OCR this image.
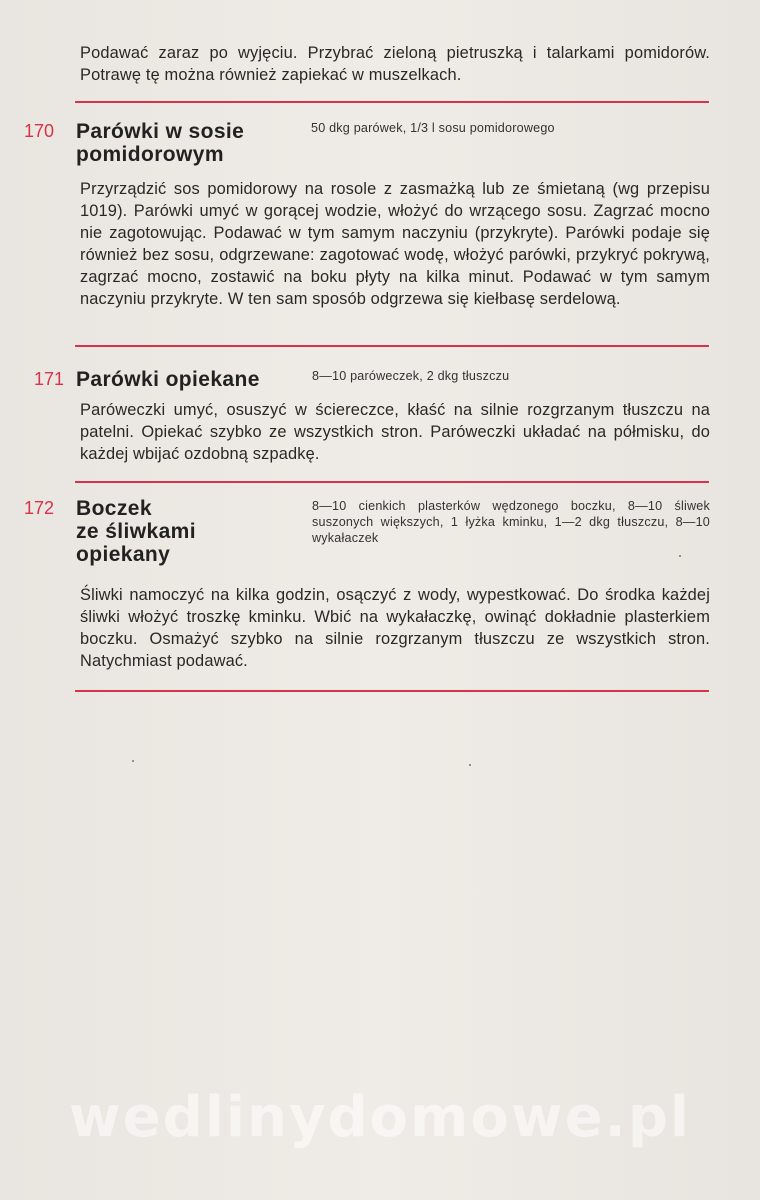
Podawać zaraz po wyjęciu. Przybrać zieloną pietruszką i talarkami pomidorów. Potrawę tę można również zapiekać w muszelkach.

170 Parówki w sosie
pomidorowym
50 dkg parówek, 1/3 l sosu pomidorowego

Przyrządzić sos pomidorowy na rosole z zasmażką lub ze śmietaną (wg przepisu 1019). Parówki umyć w gorącej wodzie, włożyć do wrzącego sosu. Zagrzać mocno nie zagotowując. Podawać w tym samym naczyniu (przykryte). Parówki podaje się również bez sosu, odgrzewane: zagotować wodę, włożyć parówki, przykryć pokrywą, zagrzać mocno, zostawić na boku płyty na kilka minut. Podawać w tym samym naczyniu przykryte. W ten sam sposób odgrzewa się kiełbasę serdelową.

171 Parówki opiekane	8—10 paróweczek, 2 dkg tłuszczu

Paróweczki umyć, osuszyć w ściereczce, kłaść na silnie rozgrzanym tłuszczu na patelni. Opiekać szybko ze wszystkich stron. Paróweczki układać na półmisku, do każdej wbijać ozdobną szpadkę.

172 Boczek
ze śliwkami
opiekany
8—10 cienkich plasterków wędzonego boczku, 8—10 śliwek suszonych większych, 1 łyżka kminku, 1—2 dkg tłuszczu, 8—10 wykałaczek

Śliwki namoczyć na kilka godzin, osączyć z wody, wypestkować. Do środka każdej śliwki włożyć troszkę kminku. Wbić na wykałaczkę, owinąć dokładnie plasterkiem boczku. Osmażyć szybko na silnie rozgrzanym tłuszczu ze wszystkich stron. Natychmiast podawać.

wedlinydomowe.pl
